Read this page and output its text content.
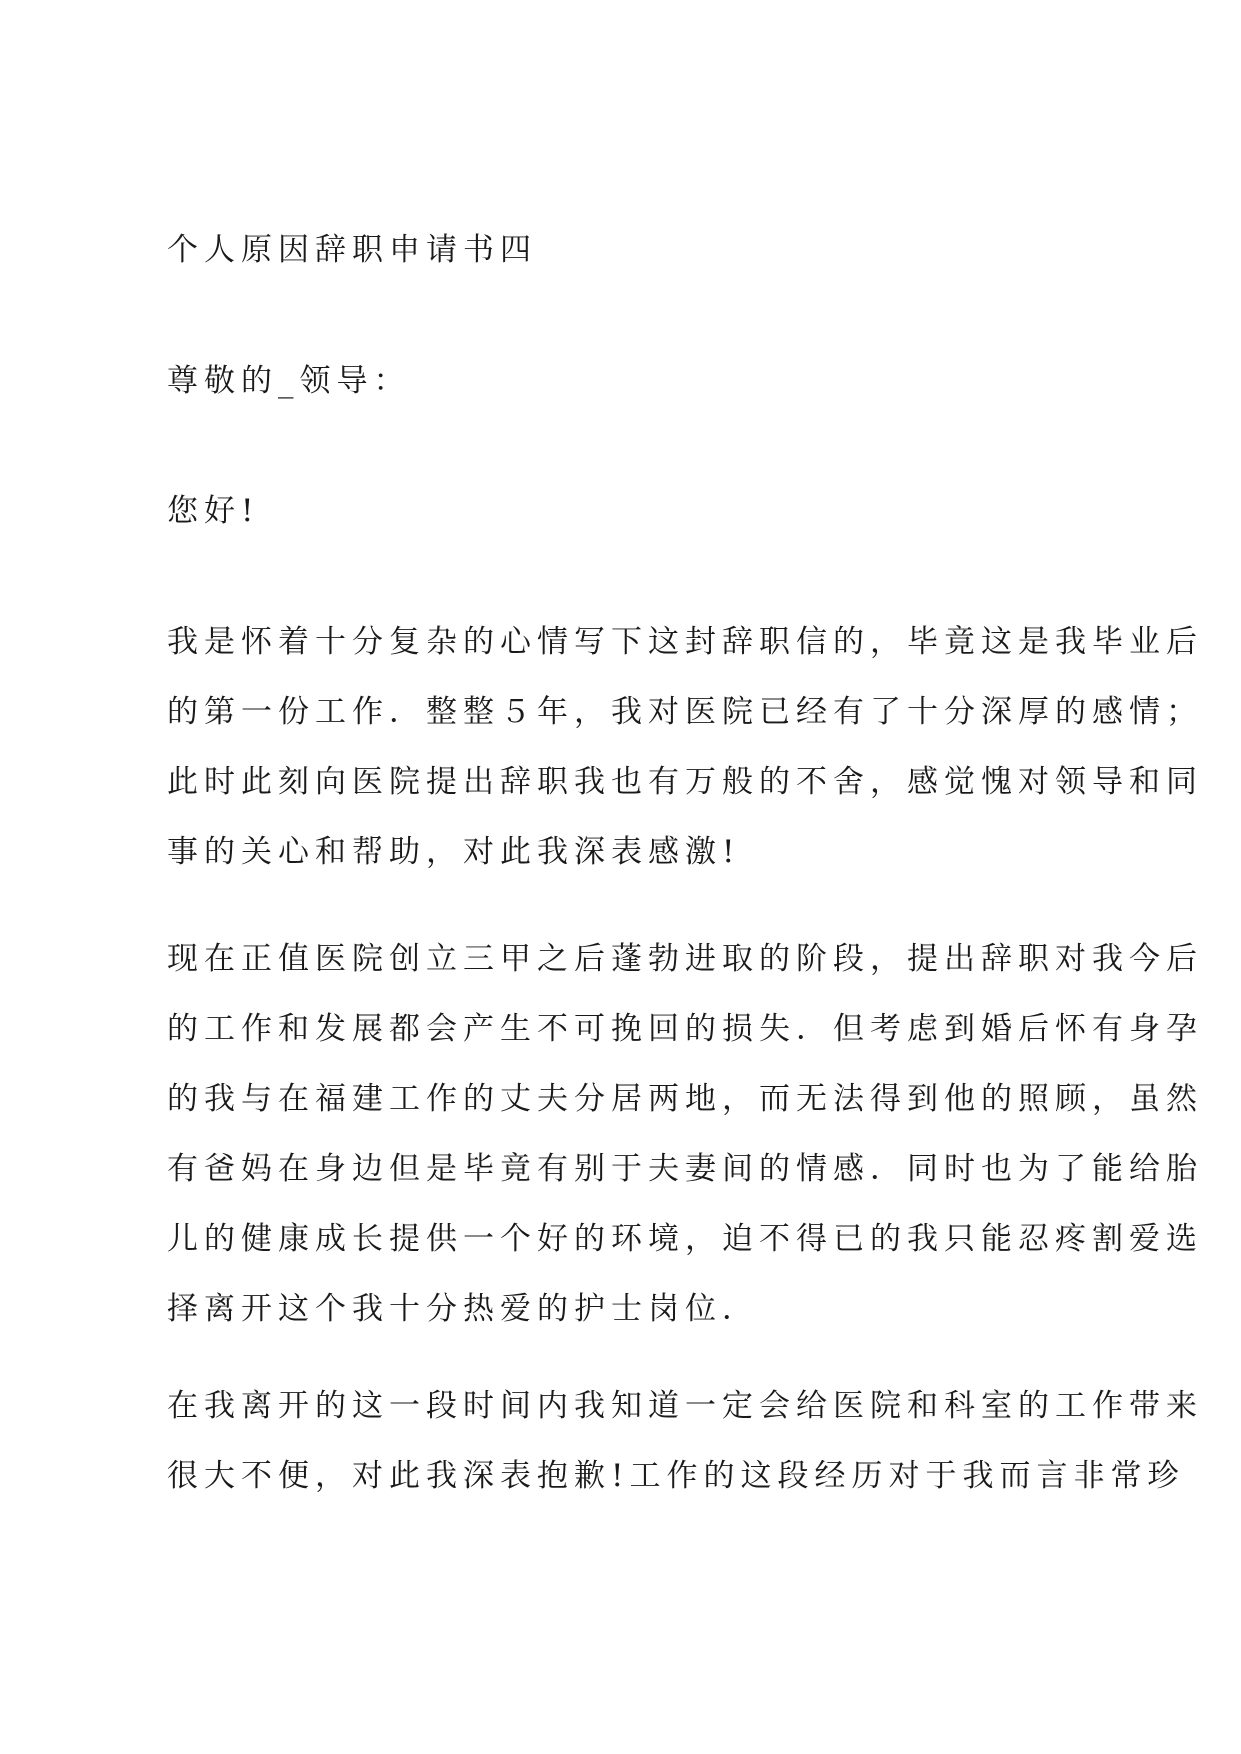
个人原因辞职申请书四
尊敬的_领导：
您好!
我是怀着十分复杂的心情写下这封辞职信的，毕竟这是我毕业后
的第一份工作．整整５年，我对医院已经有了十分深厚的感情；
此时此刻向医院提出辞职我也有万般的不舍，感觉愧对领导和同
事的关心和帮助，对此我深表感激!
现在正值医院创立三甲之后蓬勃进取的阶段，提出辞职对我今后
的工作和发展都会产生不可挽回的损失．但考虑到婚后怀有身孕
的我与在福建工作的丈夫分居两地，而无法得到他的照顾，虽然
有爸妈在身边但是毕竟有别于夫妻间的情感．同时也为了能给胎
儿的健康成长提供一个好的环境，迫不得已的我只能忍疼割爱选
择离开这个我十分热爱的护士岗位．
在我离开的这一段时间内我知道一定会给医院和科室的工作带来
很大不便，对此我深表抱歉!工作的这段经历对于我而言非常珍
